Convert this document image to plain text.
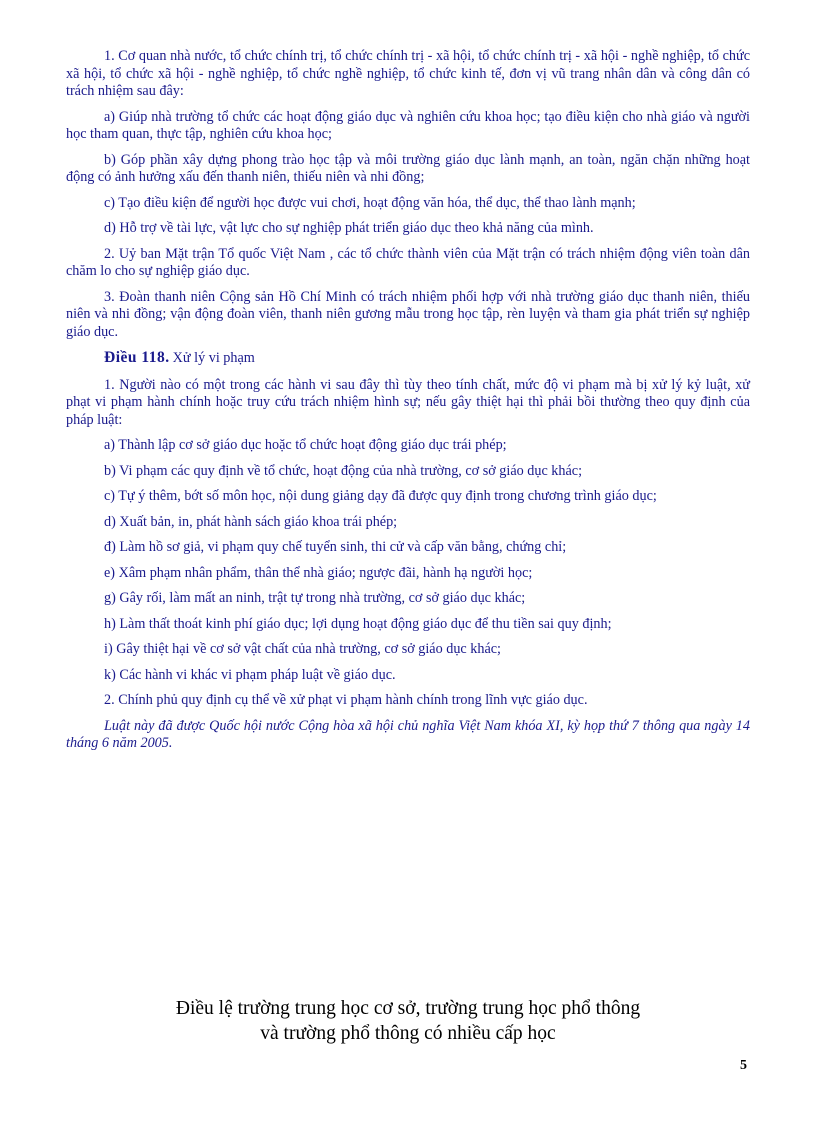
1. Cơ quan nhà nước, tổ chức chính trị, tổ chức chính trị - xã hội, tổ chức chính trị - xã hội - nghề nghiệp, tổ chức xã hội, tổ chức xã hội - nghề nghiệp, tổ chức nghề nghiệp, tổ chức kinh tế, đơn vị vũ trang nhân dân và công dân có trách nhiệm sau đây:

a) Giúp nhà trường tổ chức các hoạt động giáo dục và nghiên cứu khoa học; tạo điều kiện cho nhà giáo và người học tham quan, thực tập, nghiên cứu khoa học;

b) Góp phần xây dựng phong trào học tập và môi trường giáo dục lành mạnh, an toàn, ngăn chặn những hoạt động có ảnh hưởng xấu đến thanh niên, thiếu niên và nhi đồng;

c) Tạo điều kiện để người học được vui chơi, hoạt động văn hóa, thể dục, thể thao lành mạnh;

d) Hỗ trợ về tài lực, vật lực cho sự nghiệp phát triển giáo dục theo khả năng của mình.

2. Uỷ ban Mặt trận Tổ quốc Việt Nam , các tổ chức thành viên của Mặt trận có trách nhiệm động viên toàn dân chăm lo cho sự nghiệp giáo dục.

3. Đoàn thanh niên Cộng sản Hồ Chí Minh có trách nhiệm phối hợp với nhà trường giáo dục thanh niên, thiếu niên và nhi đồng; vận động đoàn viên, thanh niên gương mẫu trong học tập, rèn luyện và tham gia phát triển sự nghiệp giáo dục.

Điều 118. Xử lý vi phạm

1. Người nào có một trong các hành vi sau đây thì tùy theo tính chất, mức độ vi phạm mà bị xử lý kỷ luật, xử phạt vi phạm hành chính hoặc truy cứu trách nhiệm hình sự; nếu gây thiệt hại thì phải bồi thường theo quy định của pháp luật:

a) Thành lập cơ sở giáo dục hoặc tổ chức hoạt động giáo dục trái phép;

b) Vi phạm các quy định về tổ chức, hoạt động của nhà trường, cơ sở giáo dục khác;

c) Tự ý thêm, bớt số môn học, nội dung giảng dạy đã được quy định trong chương trình giáo dục;

d) Xuất bản, in, phát hành sách giáo khoa trái phép;

đ) Làm hồ sơ giả, vi phạm quy chế tuyển sinh, thi cử và cấp văn bằng, chứng chỉ;

e) Xâm phạm nhân phẩm, thân thể nhà giáo; ngược đãi, hành hạ người học;

g) Gây rối, làm mất an ninh, trật tự trong nhà trường, cơ sở giáo dục khác;

h) Làm thất thoát kinh phí giáo dục; lợi dụng hoạt động giáo dục để thu tiền sai quy định;

i) Gây thiệt hại về cơ sở vật chất của nhà trường, cơ sở giáo dục khác;

k) Các hành vi khác vi phạm pháp luật về giáo dục.

2. Chính phủ quy định cụ thể về xử phạt vi phạm hành chính trong lĩnh vực giáo dục.

Luật này đã được Quốc hội nước Cộng hòa xã hội chủ nghĩa Việt Nam khóa XI, kỳ họp thứ 7 thông qua ngày 14 tháng 6 năm 2005.

Điều lệ trường trung học cơ sở, trường trung học phổ thông
và trường phổ thông có nhiều cấp học
5
